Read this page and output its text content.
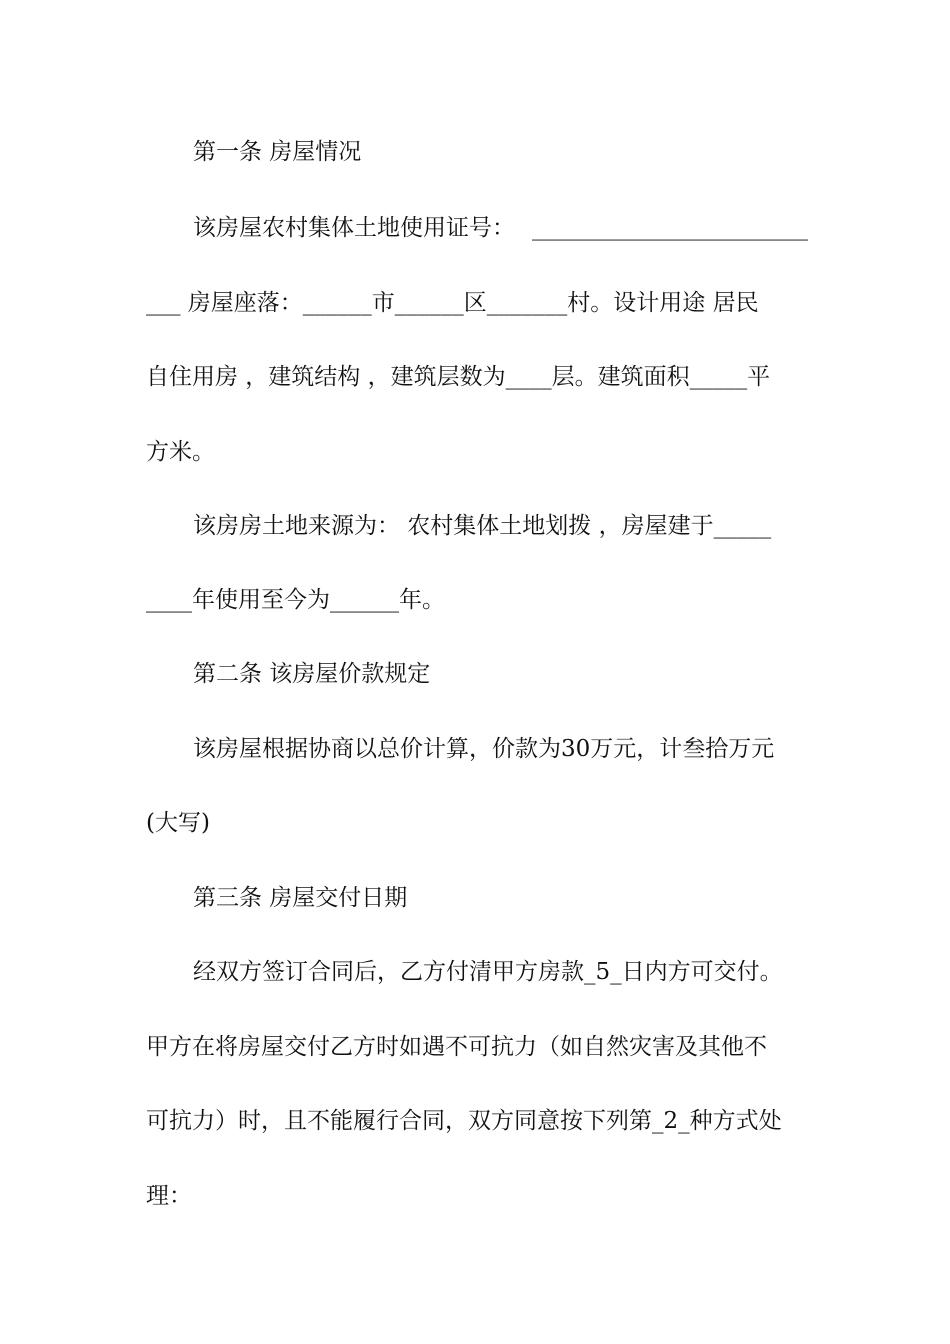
第一条 房屋情况
该房屋农村集体土地使用证号： ________________________
___ 房屋座落：______市______区_______村。设计用途 居民
自住用房 ，建筑结构 ，建筑层数为____层。建筑面积_____平
方米。
该房房土地来源为： 农村集体土地划拨 ，房屋建于_____
____年使用至今为______年。
第二条 该房屋价款规定
该房屋根据协商以总价计算，价款为30万元，计叁拾万元
(大写)
第三条 房屋交付日期
经双方签订合同后，乙方付清甲方房款_5_日内方可交付。
甲方在将房屋交付乙方时如遇不可抗力（如自然灾害及其他不
可抗力）时，且不能履行合同，双方同意按下列第_2_种方式处
理：
